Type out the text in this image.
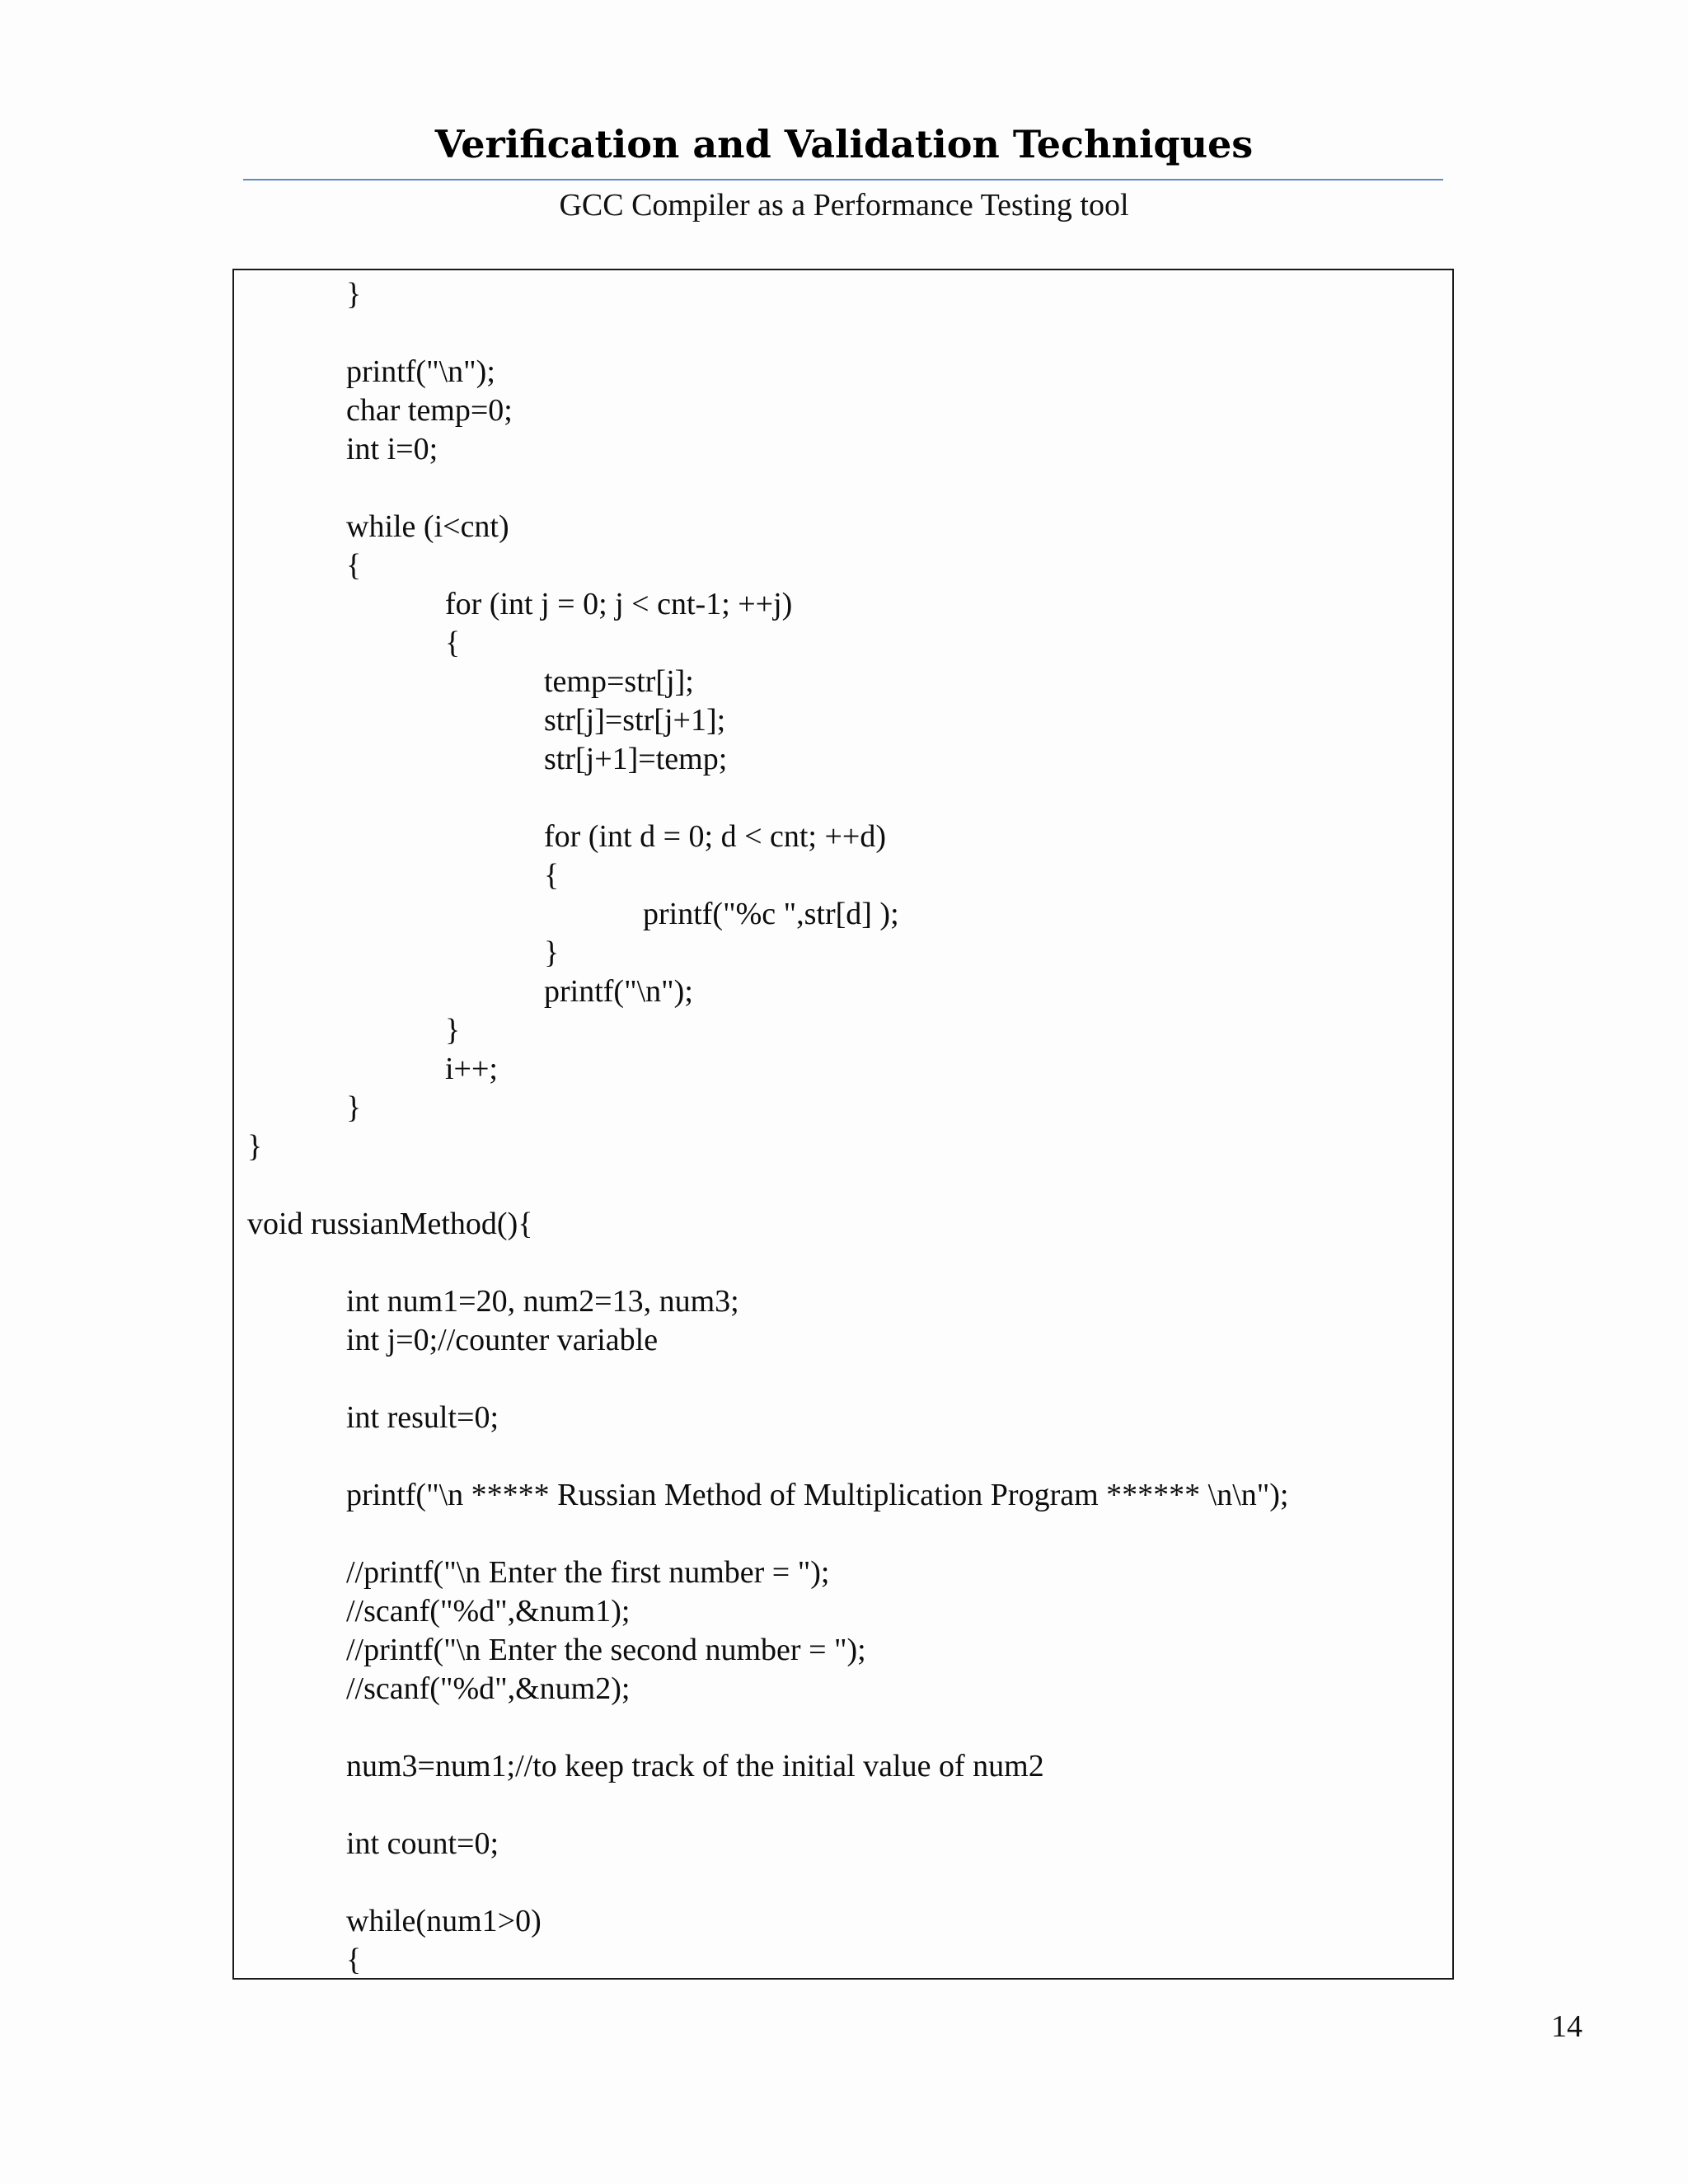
Verification and Validation Techniques
GCC Compiler as a Performance Testing tool
}
printf("\n");
char temp=0;
int i=0;
while (i<cnt)
{
for (int j = 0; j < cnt-1; ++j)
{
temp=str[j];
str[j]=str[j+1];
str[j+1]=temp;
for (int d = 0; d < cnt; ++d)
{
printf("%c ",str[d] );
}
printf("\n");
}
i++;
}
}
void russianMethod(){
int num1=20, num2=13, num3;
int j=0;//counter variable
int result=0;
printf("\n ***** Russian Method of Multiplication Program ****** \n\n");
//printf("\n Enter the first number = ");
//scanf("%d",&num1);
//printf("\n Enter the second number = ");
//scanf("%d",&num2);
num3=num1;//to keep track of the initial value of num2
int count=0;
while(num1>0)
{
14
